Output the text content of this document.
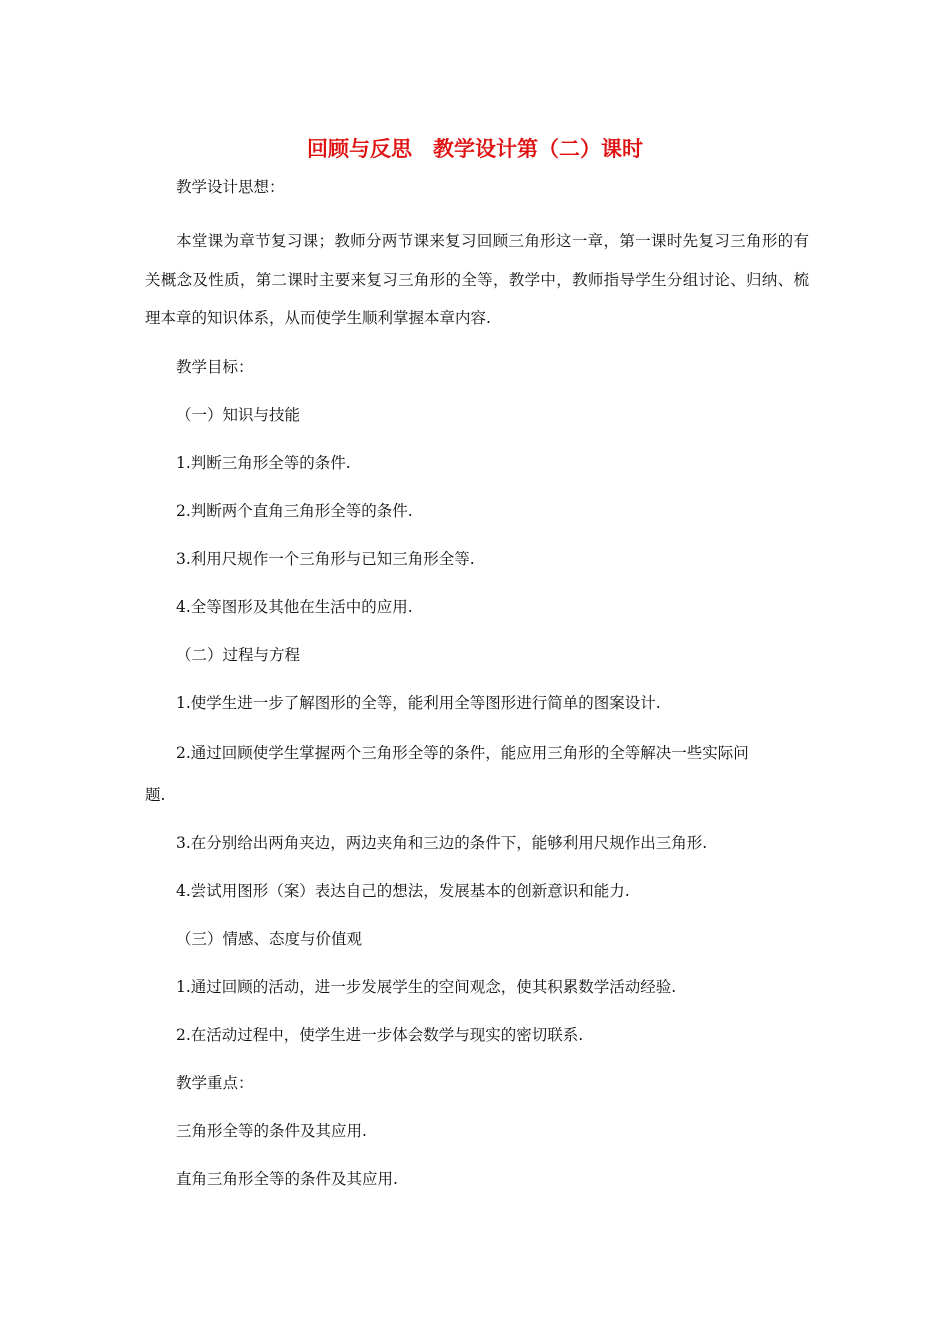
回顾与反思　教学设计第（二）课时
教学设计思想：
本堂课为章节复习课；教师分两节课来复习回顾三角形这一章，第一课时先复习三角形的有关概念及性质，第二课时主要来复习三角形的全等，教学中，教师指导学生分组讨论、归纳、梳理本章的知识体系，从而使学生顺利掌握本章内容.
教学目标：
（一）知识与技能
1.判断三角形全等的条件.
2.判断两个直角三角形全等的条件.
3.利用尺规作一个三角形与已知三角形全等.
4.全等图形及其他在生活中的应用.
（二）过程与方程
1.使学生进一步了解图形的全等，能利用全等图形进行简单的图案设计.
2.通过回顾使学生掌握两个三角形全等的条件，能应用三角形的全等解决一些实际问
题.
3.在分别给出两角夹边，两边夹角和三边的条件下，能够利用尺规作出三角形.
4.尝试用图形（案）表达自己的想法，发展基本的创新意识和能力.
（三）情感、态度与价值观
1.通过回顾的活动，进一步发展学生的空间观念，使其积累数学活动经验.
2.在活动过程中，使学生进一步体会数学与现实的密切联系.
教学重点：
三角形全等的条件及其应用.
直角三角形全等的条件及其应用.
